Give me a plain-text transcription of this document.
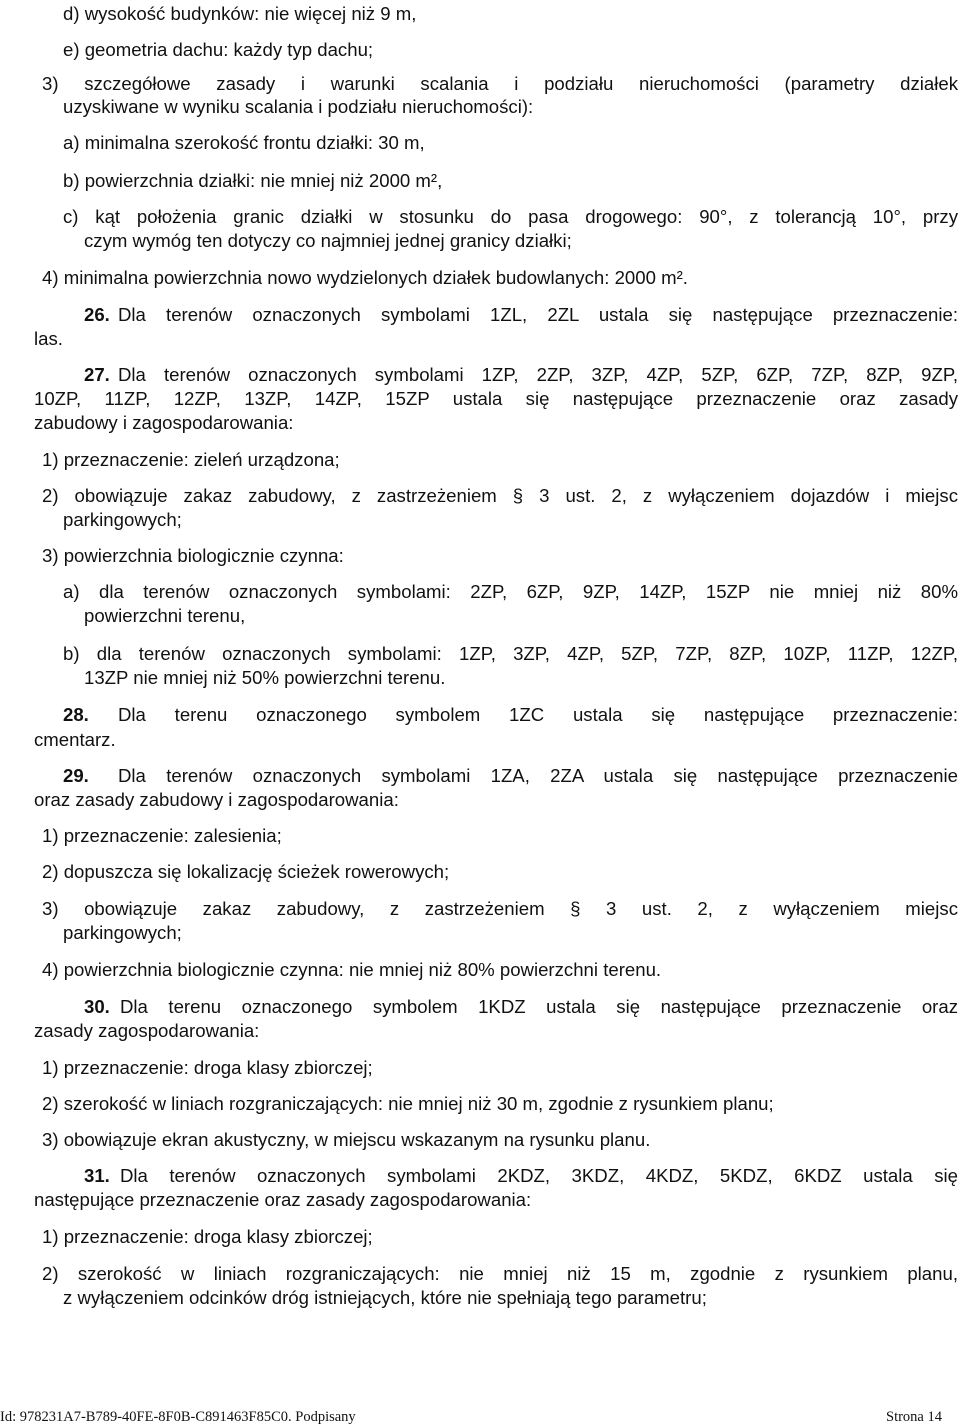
d) wysokość budynków: nie więcej niż 9 m,
e) geometria dachu: każdy typ dachu;
3) szczegółowe zasady i warunki scalania i podziału nieruchomości (parametry działek
uzyskiwane w wyniku scalania i podziału nieruchomości):
a) minimalna szerokość frontu działki: 30 m,
b) powierzchnia działki: nie mniej niż 2000 m²,
c) kąt położenia granic działki w stosunku do pasa drogowego: 90°, z tolerancją 10°, przy
czym wymóg ten dotyczy co najmniej jednej granicy działki;
4) minimalna powierzchnia nowo wydzielonych działek budowlanych: 2000 m².
26. Dla terenów oznaczonych symbolami 1ZL, 2ZL ustala się następujące przeznaczenie:
las.
27. Dla terenów oznaczonych symbolami 1ZP, 2ZP, 3ZP, 4ZP, 5ZP, 6ZP, 7ZP, 8ZP, 9ZP,
10ZP, 11ZP, 12ZP, 13ZP, 14ZP, 15ZP ustala się następujące przeznaczenie oraz zasady
zabudowy i zagospodarowania:
1) przeznaczenie: zieleń urządzona;
2) obowiązuje zakaz zabudowy, z zastrzeżeniem § 3 ust. 2, z wyłączeniem dojazdów i miejsc
parkingowych;
3) powierzchnia biologicznie czynna:
a) dla terenów oznaczonych symbolami: 2ZP, 6ZP, 9ZP, 14ZP, 15ZP nie mniej niż 80%
powierzchni terenu,
b) dla terenów oznaczonych symbolami: 1ZP, 3ZP, 4ZP, 5ZP, 7ZP, 8ZP, 10ZP, 11ZP, 12ZP,
13ZP nie mniej niż 50% powierzchni terenu.
28. Dla terenu oznaczonego symbolem 1ZC ustala się następujące przeznaczenie:
cmentarz.
29. Dla terenów oznaczonych symbolami 1ZA, 2ZA ustala się następujące przeznaczenie
oraz zasady zabudowy i zagospodarowania:
1) przeznaczenie: zalesienia;
2) dopuszcza się lokalizację ścieżek rowerowych;
3) obowiązuje zakaz zabudowy, z zastrzeżeniem § 3 ust. 2, z wyłączeniem miejsc
parkingowych;
4) powierzchnia biologicznie czynna: nie mniej niż 80% powierzchni terenu.
30. Dla terenu oznaczonego symbolem 1KDZ ustala się następujące przeznaczenie oraz
zasady zagospodarowania:
1) przeznaczenie: droga klasy zbiorczej;
2) szerokość w liniach rozgraniczających: nie mniej niż 30 m, zgodnie z rysunkiem planu;
3) obowiązuje ekran akustyczny, w miejscu wskazanym na rysunku planu.
31. Dla terenów oznaczonych symbolami 2KDZ, 3KDZ, 4KDZ, 5KDZ, 6KDZ ustala się
następujące przeznaczenie oraz zasady zagospodarowania:
1) przeznaczenie: droga klasy zbiorczej;
2) szerokość w liniach rozgraniczających: nie mniej niż 15 m, zgodnie z rysunkiem planu,
z wyłączeniem odcinków dróg istniejących, które nie spełniają tego parametru;
Id: 978231A7-B789-40FE-8F0B-C891463F85C0. Podpisany	Strona 14
